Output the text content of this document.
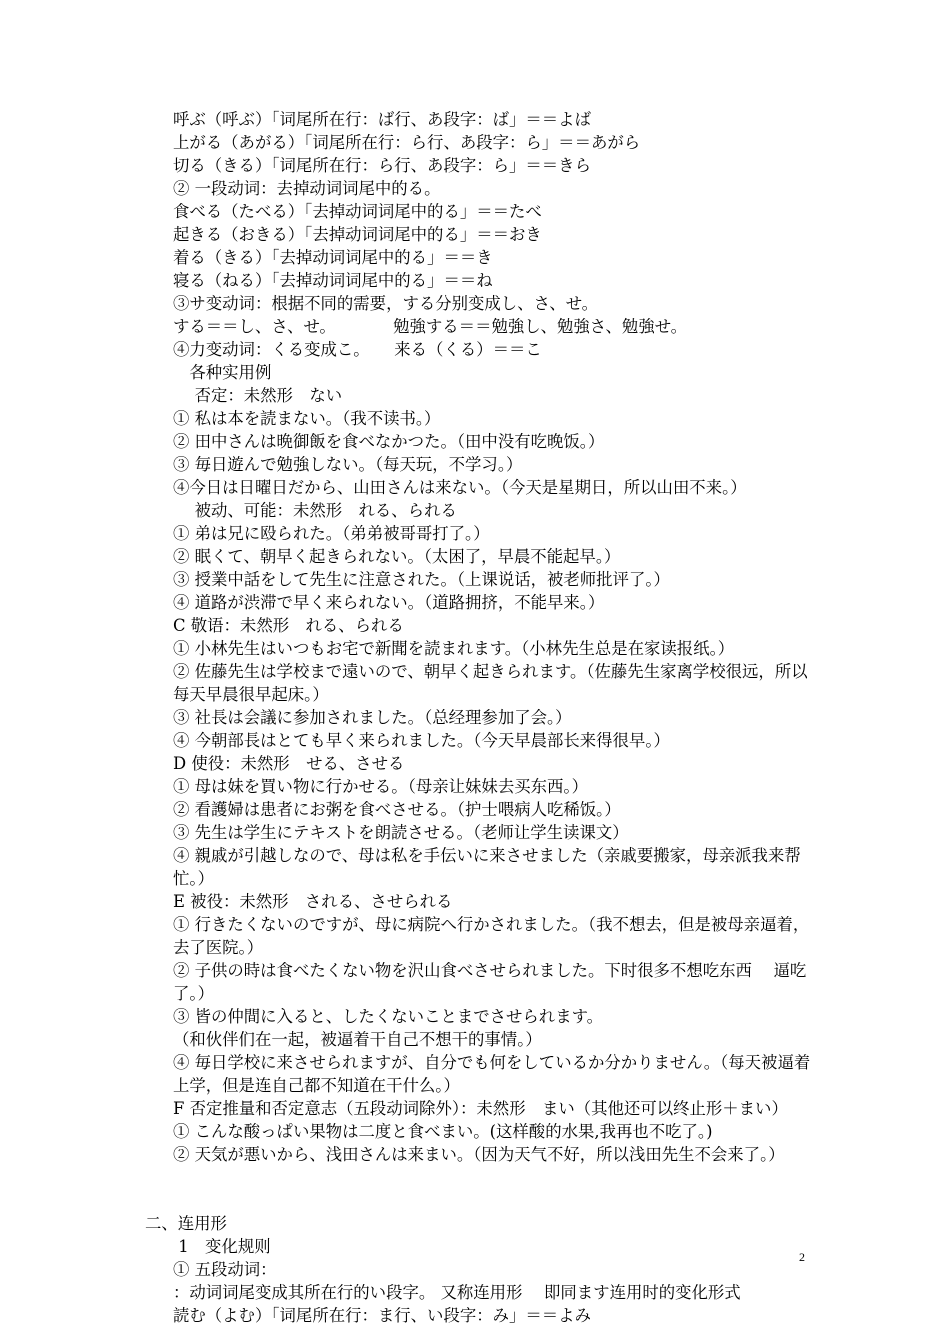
呼ぶ（呼ぶ）「词尾所在行：ば行、あ段字：ば」＝＝よば
上がる（あがる）「词尾所在行：ら行、あ段字：ら」＝＝あがら
切る（きる）「词尾所在行：ら行、あ段字：ら」＝＝きら
② 一段动词：去掉动词词尾中的る。
食べる（たべる）「去掉动词词尾中的る」＝＝たべ
起きる（おきる）「去掉动词词尾中的る」＝＝おき
着る（きる）「去掉动词词尾中的る」＝＝き
寝る（ねる）「去掉动词词尾中的る」＝＝ね
③サ变动词：根据不同的需要，する分别变成し、さ、せ。
する＝＝し、さ、せ。　　　　勉強する＝＝勉強し、勉強さ、勉強せ。
④力变动词：くる变成こ。　　来る（くる）＝＝こ
　各种实用例
　 否定：未然形　ない
① 私は本を読まない。（我不读书。）
② 田中さんは晩御飯を食べなかつた。（田中没有吃晚饭。）
③ 毎日遊んで勉強しない。（每天玩，不学习。）
④今日は日曜日だから、山田さんは来ない。（今天是星期日，所以山田不来。）
　 被动、可能：未然形　れる、られる
① 弟は兄に殴られた。（弟弟被哥哥打了。）
② 眠くて、朝早く起きられない。（太困了，早晨不能起早。）
③ 授業中話をして先生に注意された。（上课说话，被老师批评了。）
④ 道路が渋滞で早く来られない。（道路拥挤，不能早来。）
C 敬语：未然形　れる、られる
① 小林先生はいつもお宅で新聞を読まれます。（小林先生总是在家读报纸。）
② 佐藤先生は学校まで遠いので、朝早く起きられます。（佐藤先生家离学校很远，所以每天早晨很早起床。）
③ 社長は会議に参加されました。（总经理参加了会。）
④ 今朝部長はとても早く来られました。（今天早晨部长来得很早。）
D 使役：未然形　せる、させる
① 母は妹を買い物に行かせる。（母亲让妹妹去买东西。）
② 看護婦は患者にお粥を食べさせる。（护士喂病人吃稀饭。）
③ 先生は学生にテキストを朗読させる。（老师让学生读课文）
④ 親戚が引越しなので、母は私を手伝いに来させました（亲戚要搬家，母亲派我来帮忙。）
E 被役：未然形　される、させられる
① 行きたくないのですが、母に病院へ行かされました。（我不想去，但是被母亲逼着，去了医院。）
② 子供の時は食べたくない物を沢山食べさせられました。下时很多不想吃东西　 逼吃了。）
③ 皆の仲間に入ると、したくないことまでさせられます。
（和伙伴们在一起，被逼着干自己不想干的事情。）
④ 毎日学校に来させられますが、自分でも何をしているか分かりません。（每天被逼着上学，但是连自己都不知道在干什么。）
F 否定推量和否定意志（五段动词除外）：未然形　まい（其他还可以终止形＋まい）
① こんな酸っぱい果物は二度と食べまい。(这样酸的水果,我再也不吃了。)
② 天気が悪いから、浅田さんは来まい。（因为天气不好，所以浅田先生不会来了。）
二、连用形
1　变化规则
① 五段动词：
：动词词尾变成其所在行的い段字。 又称连用形　 即同ます连用时的变化形式
読む（よむ）「词尾所在行：ま行、い段字：み」＝＝よみ
2
